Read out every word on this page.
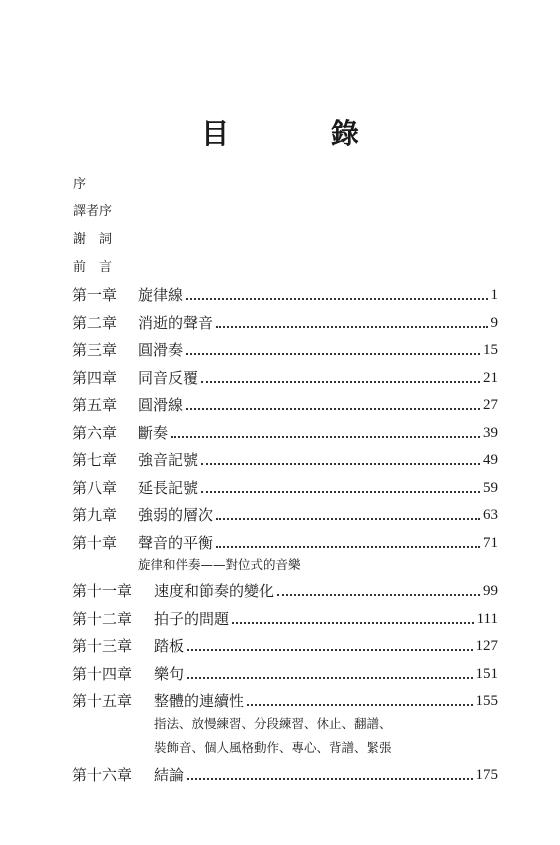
目 錄
序
譯者序
謝　詞
前　言
第一章	旋律線	1
第二章	消逝的聲音	9
第三章	圓滑奏	15
第四章	同音反覆	21
第五章	圓滑線	27
第六章	斷奏	39
第七章	強音記號	49
第八章	延長記號	59
第九章	強弱的層次	63
第十章	聲音的平衡	71
旋律和伴奏——對位式的音樂
第十一章	速度和節奏的變化	99
第十二章	拍子的問題	111
第十三章	踏板	127
第十四章	樂句	151
第十五章	整體的連續性	155
指法、放慢練習、分段練習、休止、翻譜、
裝飾音、個人風格動作、專心、背譜、緊張
第十六章	結論	175
